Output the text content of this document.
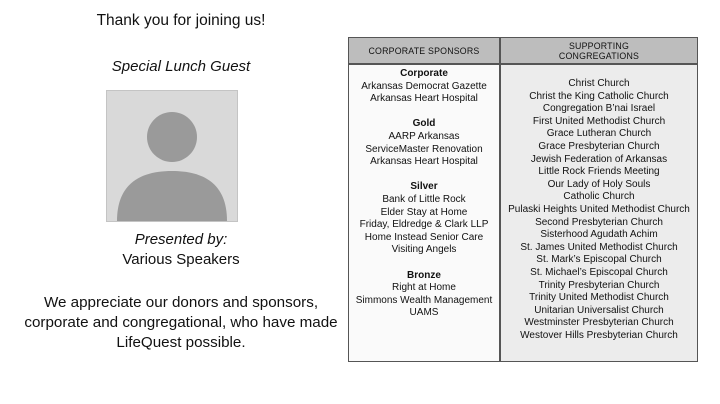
Thank you for joining us!
Special Lunch Guest
Presented by:
Various Speakers
We appreciate our donors and sponsors, corporate and congregational, who have made LifeQuest possible.
CORPORATE SPONSORS
Corporate
Arkansas Democrat Gazette
Arkansas Heart Hospital
Gold
AARP Arkansas
ServiceMaster Renovation
Arkansas Heart Hospital
Silver
Bank of Little Rock
Elder Stay at Home
Friday, Eldredge & Clark LLP
Home Instead Senior Care
Visiting Angels
Bronze
Right at Home
Simmons Wealth Management
UAMS
SUPPORTING CONGREGATIONS
Christ Church
Christ the King Catholic Church
Congregation B’nai Israel
First United Methodist Church
Grace Lutheran Church
Grace Presbyterian Church
Jewish Federation of Arkansas
Little Rock Friends Meeting
Our Lady of Holy Souls
Catholic Church
Pulaski Heights United Methodist Church
Second Presbyterian Church
Sisterhood Agudath Achim
St. James United Methodist Church
St. Mark’s Episcopal Church
St. Michael’s Episcopal Church
Trinity Presbyterian Church
Trinity United Methodist Church
Unitarian Universalist Church
Westminster Presbyterian Church
Westover Hills Presbyterian Church
